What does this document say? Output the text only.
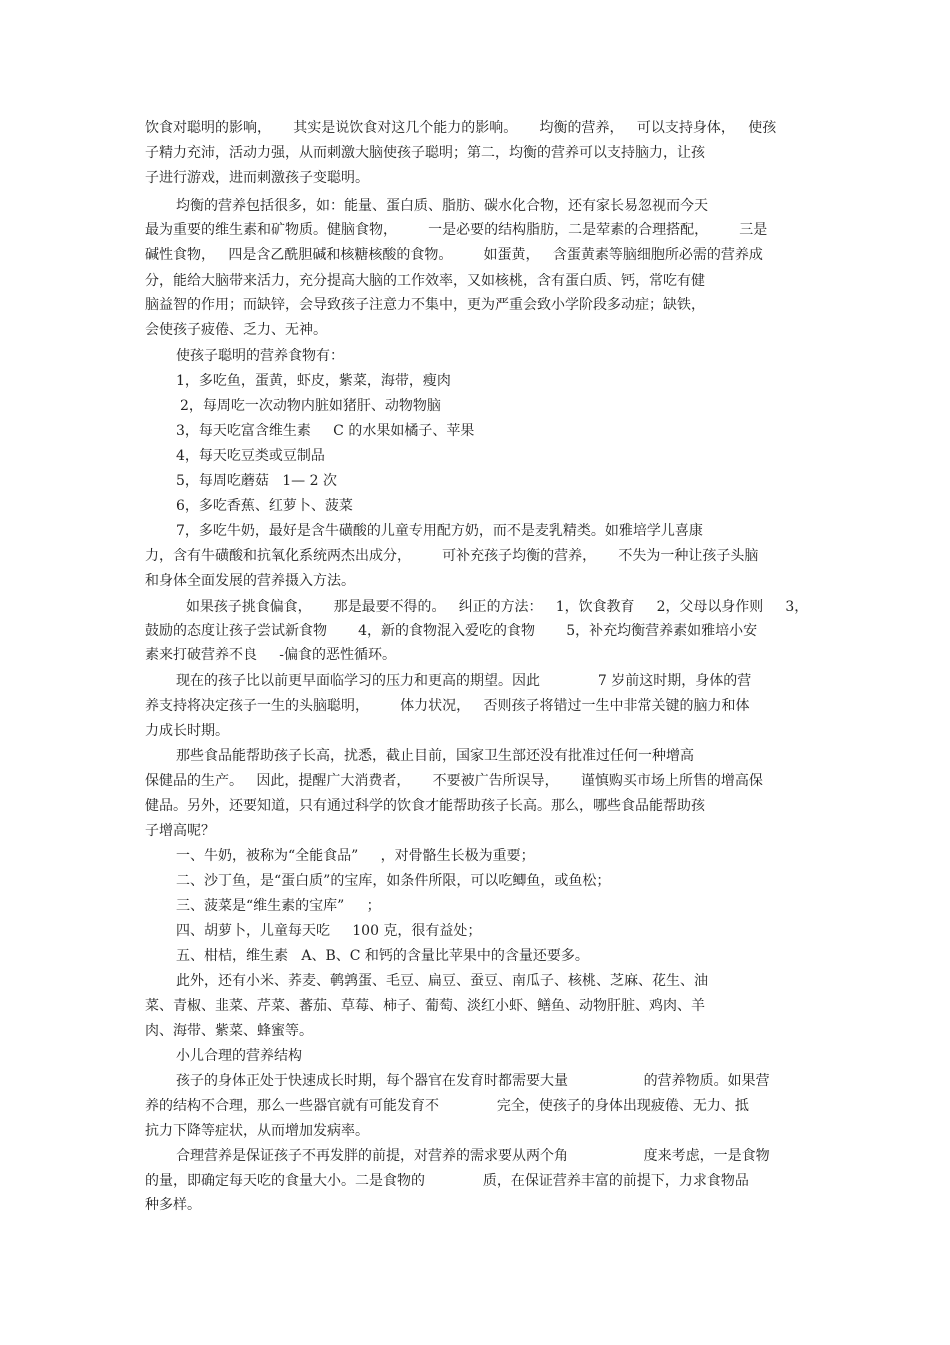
饮食对聪明的影响，     其实是说饮食对这几个能力的影响。     均衡的营养，   可以支持身体，   使孩

子精力充沛，活动力强，从而刺激大脑使孩子聪明；第二，均衡的营养可以支持脑力，让孩

子进行游戏，进而刺激孩子变聪明。

均衡的营养包括很多，如：能量、蛋白质、脂肪、碳水化合物，还有家长易忽视而今天

最为重要的维生素和矿物质。健脑食物，       一是必要的结构脂肪，二是荤素的合理搭配，       三是

碱性食物，   四是含乙酰胆碱和核糖核酸的食物。       如蛋黄，   含蛋黄素等脑细胞所必需的营养成

分，能给大脑带来活力，充分提高大脑的工作效率，又如核桃，含有蛋白质、钙，常吃有健

脑益智的作用；而缺锌，会导致孩子注意力不集中，更为严重会致小学阶段多动症；缺铁，

会使孩子疲倦、乏力、无神。

使孩子聪明的营养食物有：

1，多吃鱼，蛋黄，虾皮，紫菜，海带，瘦肉

2，每周吃一次动物内脏如猪肝、动物物脑

3，每天吃富含维生素     C 的水果如橘子、苹果

4，每天吃豆类或豆制品

5，每周吃蘑菇   1— 2 次

6，多吃香蕉、红萝卜、菠菜

7，多吃牛奶，最好是含牛磺酸的儿童专用配方奶，而不是麦乳精类。如雅培学儿喜康

力，含有牛磺酸和抗氧化系统两杰出成分，       可补充孩子均衡的营养，     不失为一种让孩子头脑

和身体全面发展的营养摄入方法。

如果孩子挑食偏食，     那是最要不得的。   纠正的方法：   1，饮食教育     2，父母以身作则     3，

鼓励的态度让孩子尝试新食物       4，新的食物混入爱吃的食物       5，补充均衡营养素如雅培小安

素来打破营养不良     -偏食的恶性循环。

现在的孩子比以前更早面临学习的压力和更高的期望。因此             7 岁前这时期，身体的营

养支持将决定孩子一生的头脑聪明，       体力状况，   否则孩子将错过一生中非常关键的脑力和体

力成长时期。

那些食品能帮助孩子长高，扰悉，截止目前，国家卫生部还没有批准过任何一种增高

保健品的生产。   因此，提醒广大消费者，     不要被广告所误导，     谨慎购买市场上所售的增高保

健品。另外，还要知道，只有通过科学的饮食才能帮助孩子长高。那么，哪些食品能帮助孩

子增高呢？

一、牛奶，被称为“全能食品”     ，对骨骼生长极为重要；

二、沙丁鱼，是“蛋白质”的宝库，如条件所限，可以吃鲫鱼，或鱼松；

三、菠菜是“维生素的宝库”     ；

四、胡萝卜，儿童每天吃     100 克，很有益处；

五、柑桔，维生素   A、B、C 和钙的含量比苹果中的含量还要多。

此外，还有小米、荞麦、鹌鹑蛋、毛豆、扁豆、蚕豆、南瓜子、核桃、芝麻、花生、油

菜、青椒、韭菜、芹菜、蕃茄、草莓、柿子、葡萄、淡红小虾、鳝鱼、动物肝脏、鸡肉、羊

肉、海带、紫菜、蜂蜜等。

小儿合理的营养结构

孩子的身体正处于快速成长时期，每个器官在发育时都需要大量                 的营养物质。如果营

养的结构不合理，那么一些器官就有可能发育不             完全，使孩子的身体出现疲倦、无力、抵

抗力下降等症状，从而增加发病率。

合理营养是保证孩子不再发胖的前提，对营养的需求要从两个角                 度来考虑，一是食物

的量，即确定每天吃的食量大小。二是食物的             质，在保证营养丰富的前提下，力求食物品

种多样。
